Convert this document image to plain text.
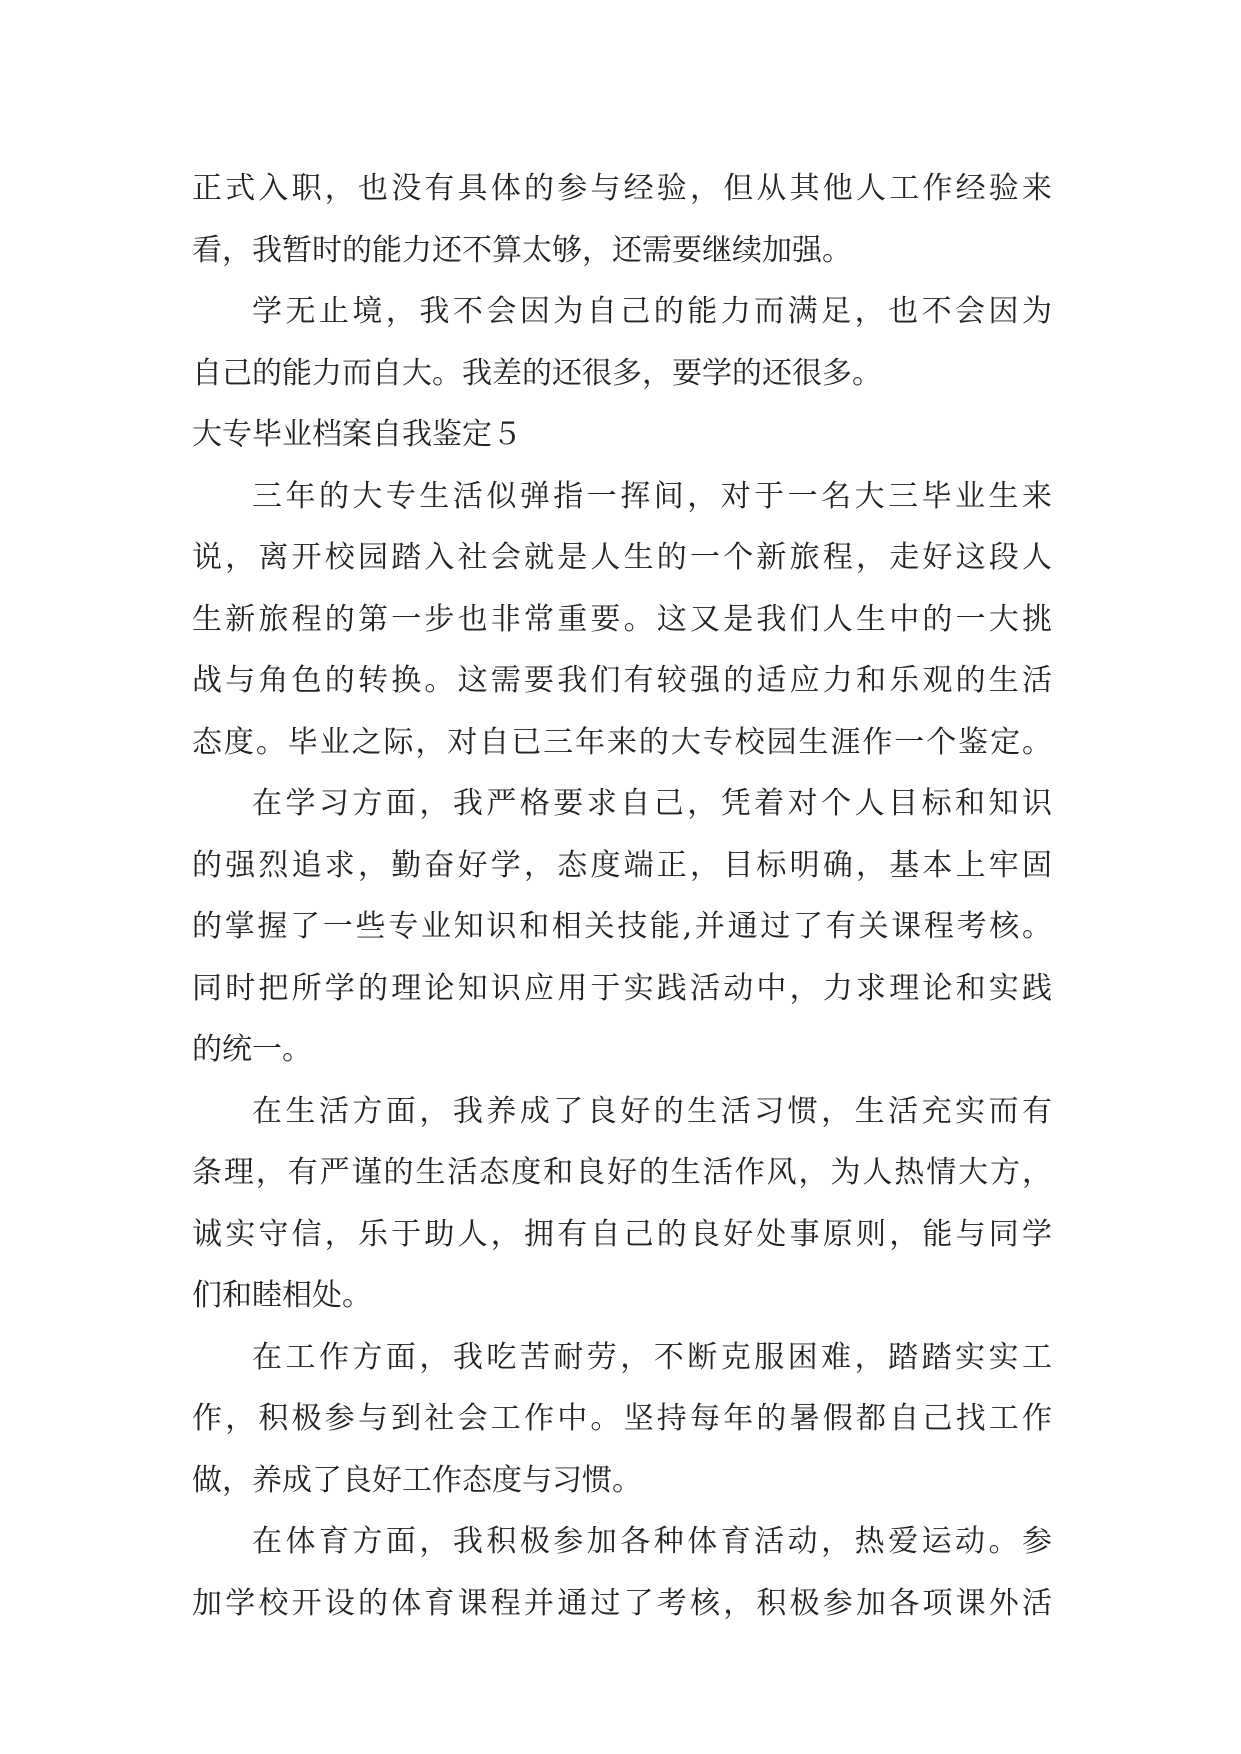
正式入职，也没有具体的参与经验，但从其他人工作经验来
看，我暂时的能力还不算太够，还需要继续加强。
学无止境，我不会因为自己的能力而满足，也不会因为
自己的能力而自大。我差的还很多，要学的还很多。
大专毕业档案自我鉴定５
三年的大专生活似弹指一挥间，对于一名大三毕业生来
说，离开校园踏入社会就是人生的一个新旅程，走好这段人
生新旅程的第一步也非常重要。这又是我们人生中的一大挑
战与角色的转换。这需要我们有较强的适应力和乐观的生活
态度。毕业之际，对自已三年来的大专校园生涯作一个鉴定。
在学习方面，我严格要求自己，凭着对个人目标和知识
的强烈追求，勤奋好学，态度端正，目标明确，基本上牢固
的掌握了一些专业知识和相关技能,并通过了有关课程考核。
同时把所学的理论知识应用于实践活动中，力求理论和实践
的统一。
在生活方面，我养成了良好的生活习惯，生活充实而有
条理，有严谨的生活态度和良好的生活作风，为人热情大方，
诚实守信，乐于助人，拥有自己的良好处事原则，能与同学
们和睦相处。
在工作方面，我吃苦耐劳，不断克服困难，踏踏实实工
作，积极参与到社会工作中。坚持每年的暑假都自己找工作
做，养成了良好工作态度与习惯。
在体育方面，我积极参加各种体育活动，热爱运动。参
加学校开设的体育课程并通过了考核，积极参加各项课外活
